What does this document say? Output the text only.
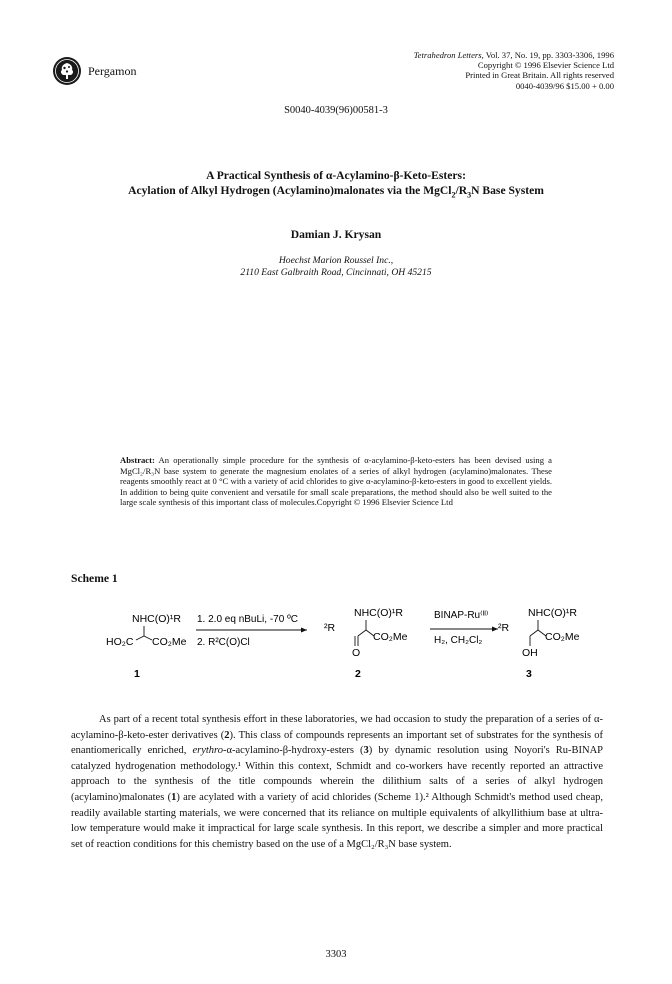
Pergamon
Tetrahedron Letters, Vol. 37, No. 19, pp. 3303-3306, 1996
Copyright © 1996 Elsevier Science Ltd
Printed in Great Britain. All rights reserved
0040-4039/96 $15.00 + 0.00
S0040-4039(96)00581-3
A Practical Synthesis of α-Acylamino-β-Keto-Esters:
Acylation of Alkyl Hydrogen (Acylamino)malonates via the $MgCl_2/R_3N$ Base System
Damian J. Krysan
Hoechst Marion Roussel Inc.,
2110 East Galbraith Road, Cincinnati, OH 45215
Abstract: An operationally simple procedure for the synthesis of α-acylamino-β-keto-esters has been devised using a MgCl₂/R₃N base system to generate the magnesium enolates of a series of alkyl hydrogen (acylamino)malonates. These reagents smoothly react at 0 °C with a variety of acid chlorides to give α-acylamino-β-keto-esters in good to excellent yields. In addition to being quite convenient and versatile for small scale preparations, the method should also be well suited to the large scale synthesis of this important class of molecules.Copyright © 1996 Elsevier Science Ltd
Scheme 1
NHC(O)¹R
HO₂C CO₂Me
1
1. 2.0 eq nBuLi, -70 ºC
2. R²C(O)Cl
NHC(O)¹R
²R
CO₂Me
O
2
BINAP-Ru⁽ᴵᴵ⁾
H₂, CH₂Cl₂
NHC(O)¹R
²R
CO₂Me
OH
3

As part of a recent total synthesis effort in these laboratories, we had occasion to study the preparation of a series of α-acylamino-β-keto-ester derivatives (2). This class of compounds represents an important set of substrates for the synthesis of enantiomerically enriched, erythro-α-acylamino-β-hydroxy-esters (3) by dynamic resolution using Noyori's Ru-BINAP catalyzed hydrogenation methodology.¹ Within this context, Schmidt and co-workers have recently reported an attractive approach to the synthesis of the title compounds wherein the dilithium salts of a series of alkyl hydrogen (acylamino)malonates (1) are acylated with a variety of acid chlorides (Scheme 1).² Although Schmidt's method used cheap, readily available starting materials, we were concerned that its reliance on multiple equivalents of alkyllithium base at ultra-low temperature would make it impractical for large scale synthesis. In this report, we describe a simpler and more practical set of reaction conditions for this chemistry based on the use of a MgCl₂/R₃N base system.

3303
